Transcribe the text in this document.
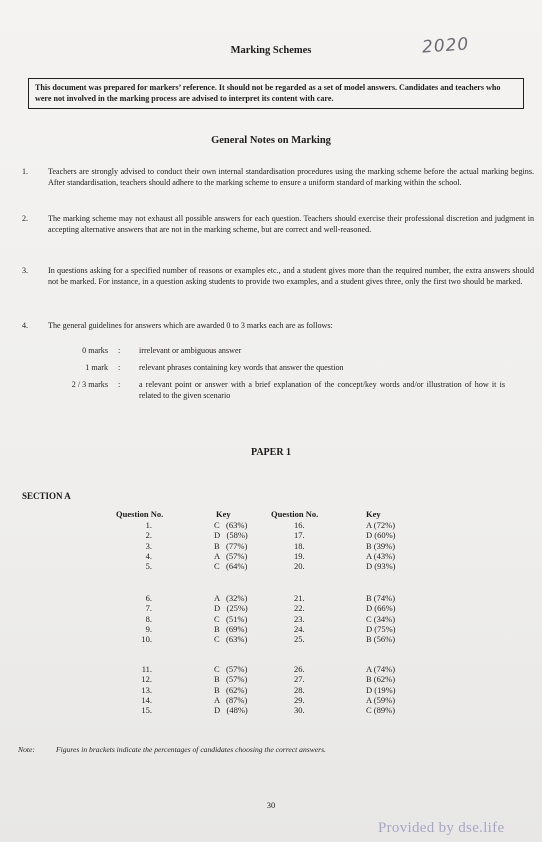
Marking Schemes	2020
This document was prepared for markers’ reference. It should not be regarded as a set of model answers. Candidates and teachers who were not involved in the marking process are advised to interpret its content with care.
General Notes on Marking
1.	Teachers are strongly advised to conduct their own internal standardisation procedures using the marking scheme before the actual marking begins. After standardisation, teachers should adhere to the marking scheme to ensure a uniform standard of marking within the school.
2.	The marking scheme may not exhaust all possible answers for each question. Teachers should exercise their professional discretion and judgment in accepting alternative answers that are not in the marking scheme, but are correct and well-reasoned.
3.	In questions asking for a specified number of reasons or examples etc., and a student gives more than the required number, the extra answers should not be marked. For instance, in a question asking students to provide two examples, and a student gives three, only the first two should be marked.
4.	The general guidelines for answers which are awarded 0 to 3 marks each are as follows:
0 marks :	irrelevant or ambiguous answer
1 mark :	relevant phrases containing key words that answer the question
2 / 3 marks :	a relevant point or answer with a brief explanation of the concept/key words and/or illustration of how it is related to the given scenario
PAPER 1
SECTION A
Question No.	Key	Question No.	Key
1.	C   (63%)	16.	A (72%)
2.	D   (58%)	17.	D (60%)
3.	B   (77%)	18.	B (39%)
4.	A   (57%)	19.	A (43%)
5.	C   (64%)	20.	D (93%)
6.	A   (32%)	21.	B (74%)
7.	D   (25%)	22.	D (66%)
8.	C   (51%)	23.	C (34%)
9.	B   (69%)	24.	D (75%)
10.	C   (63%)	25.	B (56%)
11.	C   (57%)	26.	A (74%)
12.	B   (57%)	27.	B (62%)
13.	B   (62%)	28.	D (19%)
14.	A   (87%)	29.	A (59%)
15.	D   (48%)	30.	C (89%)
Note:	Figures in brackets indicate the percentages of candidates choosing the correct answers.
30
Provided by dse.life
